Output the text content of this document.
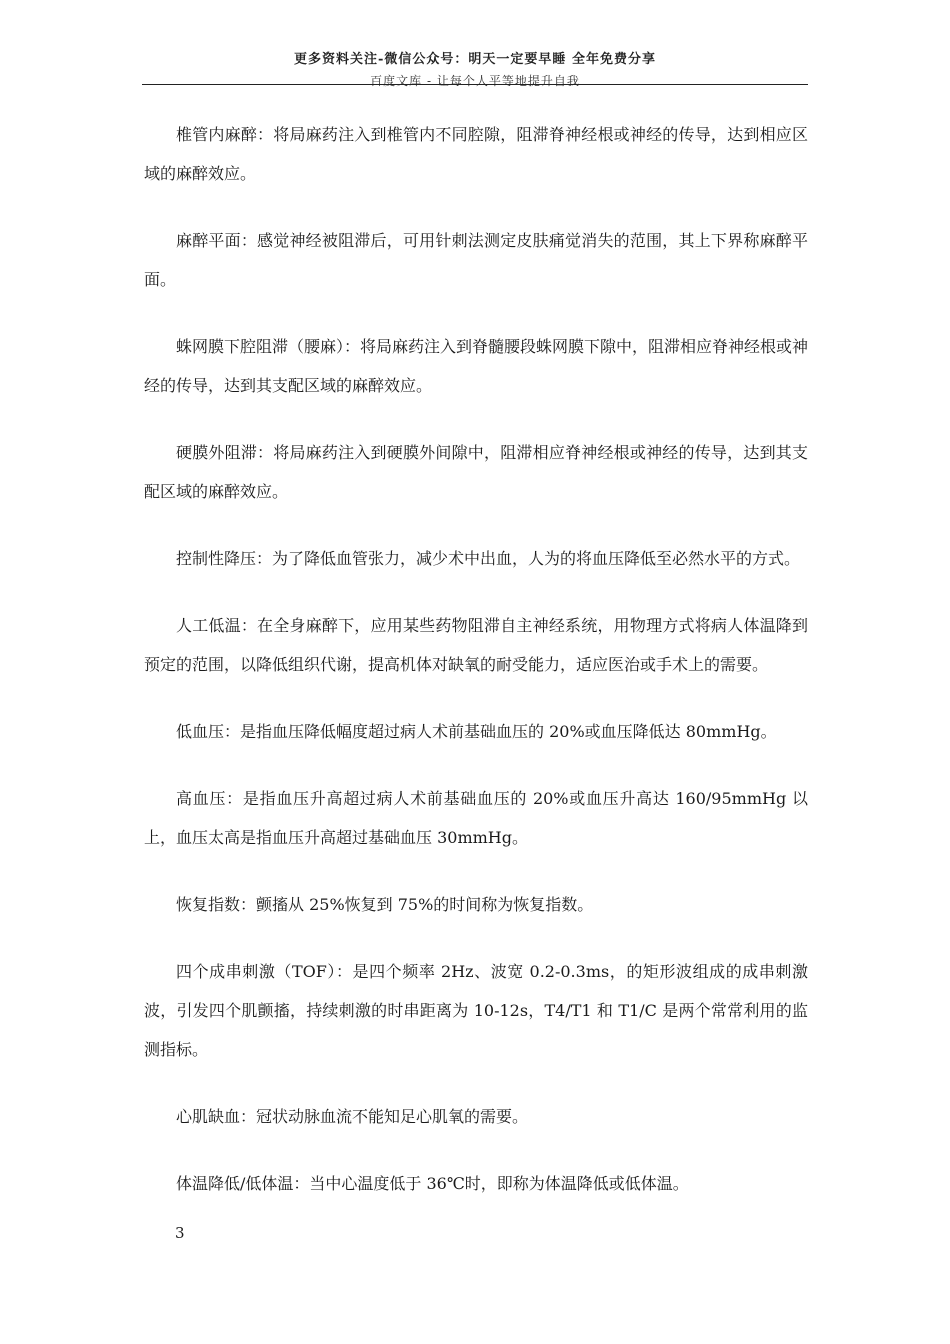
更多资料关注-微信公众号：明天一定要早睡 全年免费分享
百度文库 - 让每个人平等地提升自我

椎管内麻醉：将局麻药注入到椎管内不同腔隙，阻滞脊神经根或神经的传导，达到相应区域的麻醉效应。

麻醉平面：感觉神经被阻滞后，可用针刺法测定皮肤痛觉消失的范围，其上下界称麻醉平面。

蛛网膜下腔阻滞（腰麻）：将局麻药注入到脊髓腰段蛛网膜下隙中，阻滞相应脊神经根或神经的传导，达到其支配区域的麻醉效应。

硬膜外阻滞：将局麻药注入到硬膜外间隙中，阻滞相应脊神经根或神经的传导，达到其支配区域的麻醉效应。

控制性降压：为了降低血管张力，减少术中出血，人为的将血压降低至必然水平的方式。

人工低温：在全身麻醉下，应用某些药物阻滞自主神经系统，用物理方式将病人体温降到预定的范围，以降低组织代谢，提高机体对缺氧的耐受能力，适应医治或手术上的需要。

低血压：是指血压降低幅度超过病人术前基础血压的 20%或血压降低达 80mmHg。

高血压：是指血压升高超过病人术前基础血压的 20%或血压升高达 160/95mmHg 以上，血压太高是指血压升高超过基础血压 30mmHg。

恢复指数：颤搐从 25%恢复到 75%的时间称为恢复指数。

四个成串刺激（TOF）：是四个频率 2Hz、波宽 0.2-0.3ms，的矩形波组成的成串刺激波，引发四个肌颤搐，持续刺激的时串距离为 10-12s，T4/T1 和 T1/C 是两个常常利用的监测指标。

心肌缺血：冠状动脉血流不能知足心肌氧的需要。

体温降低/低体温：当中心温度低于 36℃时，即称为体温降低或低体温。

3
